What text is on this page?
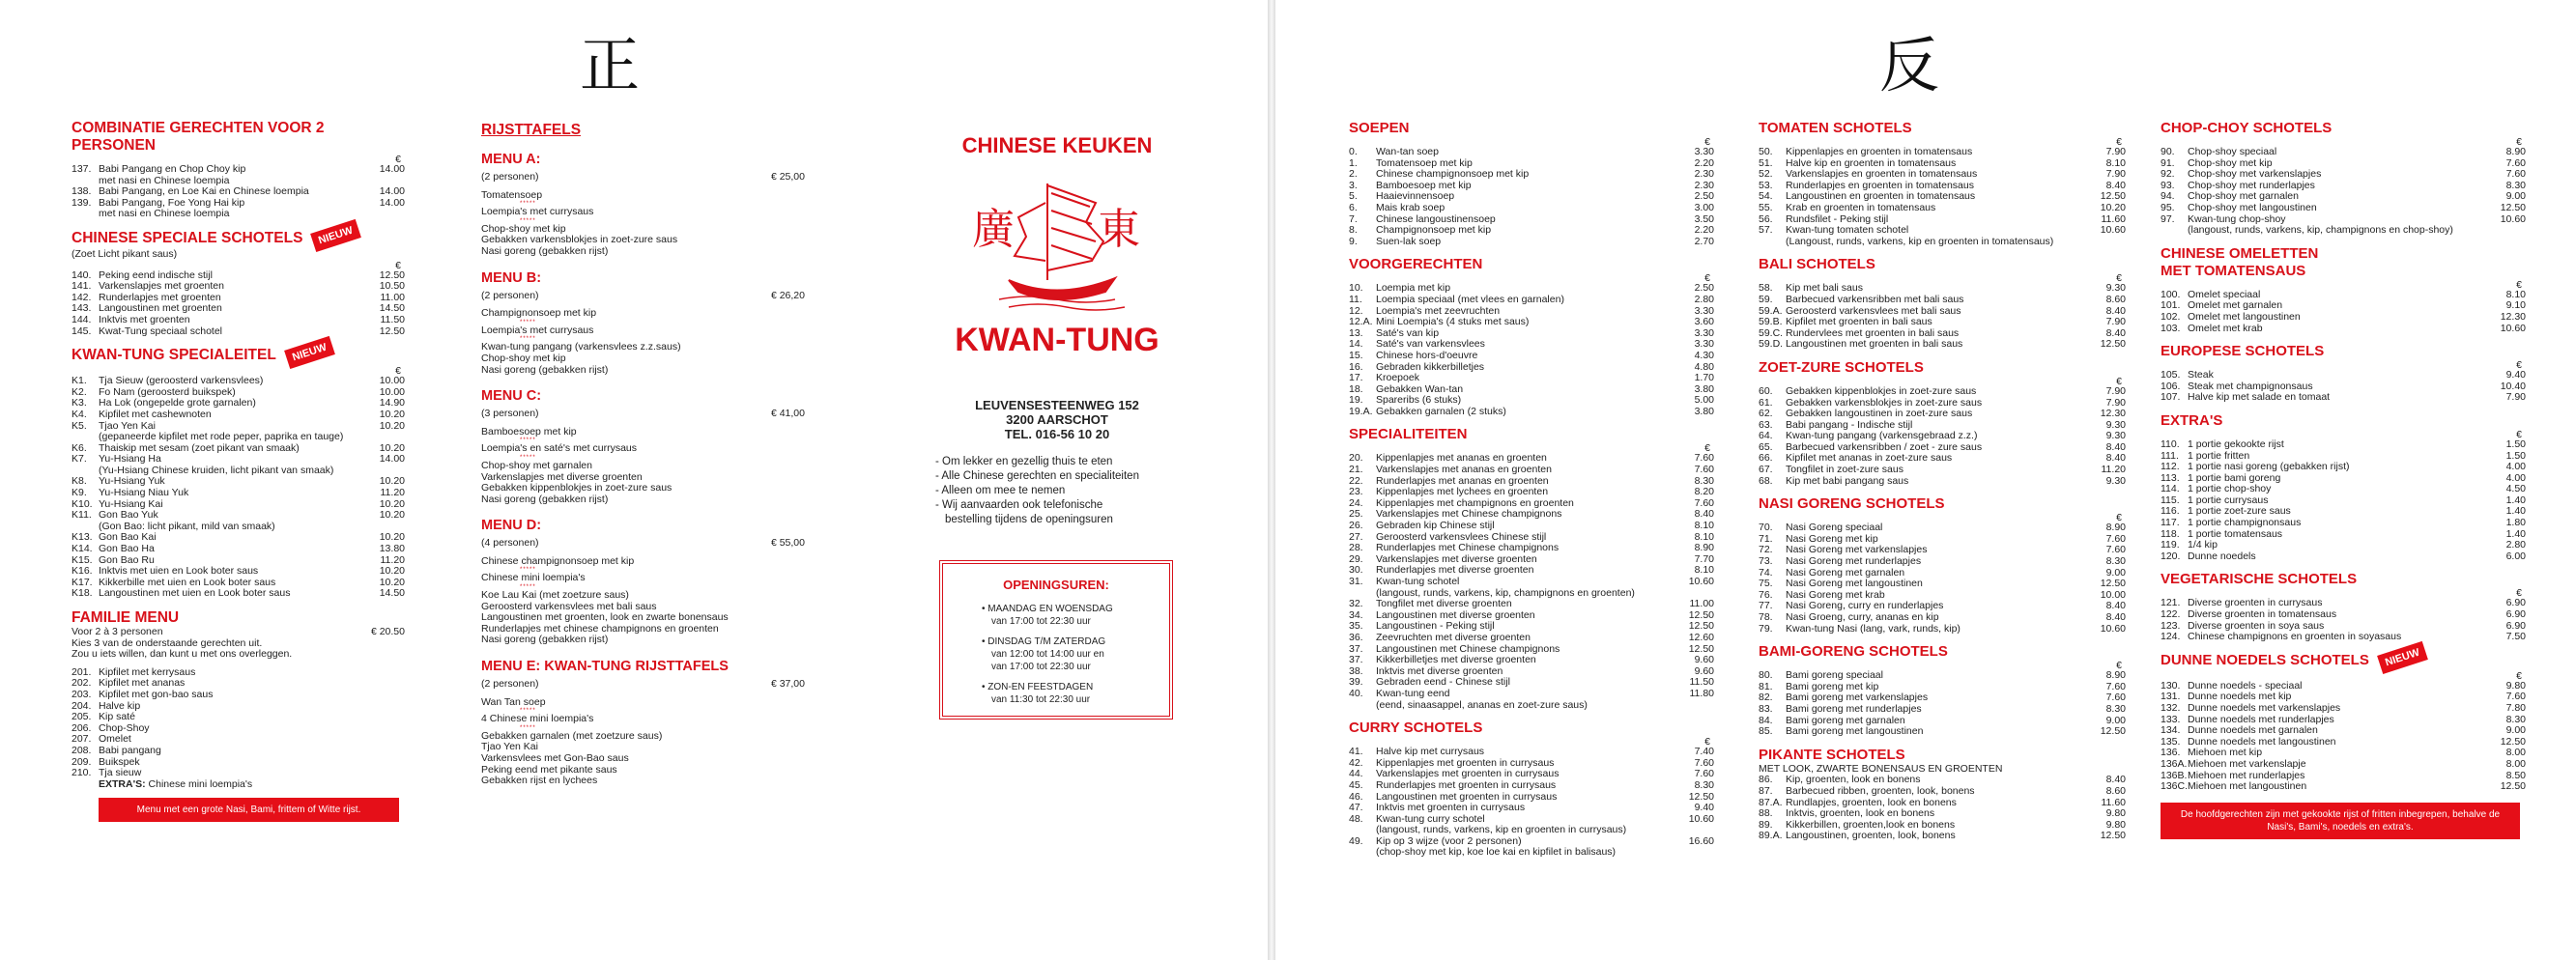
正
COMBINATIE GERECHTEN VOOR 2 PERSONEN
€
137. Babi Pangang en Chop Choy kip	14.00
met nasi en Chinese loempia
138. Babi Pangang, en Loe Kai en Chinese loempia	14.00
139. Babi Pangang, Foe Yong Hai kip	14.00
met nasi en Chinese loempia
CHINESE SPECIALE SCHOTELS NIEUW
(Zoet Licht pikant saus)
€
140. Peking eend indische stijl	12.50
141. Varkenslapjes met groenten	10.50
142. Runderlapjes met groenten	11.00
143. Langoustinen met groenten	14.50
144. Inktvis met groenten	11.50
145. Kwat-Tung speciaal schotel	12.50
KWAN-TUNG SPECIALEITEL NIEUW
€
K1.	Tja Sieuw (geroosterd varkensvlees)	10.00
K2.	Fo Nam (geroosterd buikspek)	10.00
K3.	Ha Lok (ongepelde grote garnalen)	14.90
K4.	Kipfilet met cashewnoten	10.20
K5.	Tjao Yen Kai	10.20
(gepaneerde kipfilet met rode peper, paprika en tauge)
K6.	Thaiskip met sesam (zoet pikant van smaak)	10.20
K7.	Yu-Hsiang Ha	14.00
(Yu-Hsiang Chinese kruiden, licht pikant van smaak)
K8.	Yu-Hsiang Yuk	10.20
K9.	Yu-Hsiang Niau Yuk	11.20
K10. Yu-Hsiang Kai	10.20
K11. Gon Bao Yuk	10.20
(Gon Bao: licht pikant, mild van smaak)
K13. Gon Bao Kai	10.20
K14. Gon Bao Ha	13.80
K15. Gon Bao Ru	11.20
K16. Inktvis met uien en Look boter saus	10.20
K17. Kikkerbille met uien en Look boter saus	10.20
K18. Langoustinen met uien en Look boter saus	14.50
FAMILIE MENU
Voor 2 à 3 personen	€ 20.50
Kies 3 van de onderstaande gerechten uit.
Zou u iets willen, dan kunt u met ons overleggen.
201. Kipfilet met kerrysaus
202. Kipfilet met ananas
203. Kipfilet met gon-bao saus
204. Halve kip
205. Kip saté
206. Chop-Shoy
207. Omelet
208. Babi pangang
209. Buikspek
210. Tja sieuw
EXTRA'S: Chinese mini loempia's
Menu met een grote Nasi, Bami, frittem of Witte rijst.
RIJSTTAFELS
MENU A:
(2 personen)	€ 25,00
Tomatensoep
*****
Loempia's met currysaus
*****
Chop-shoy met kip
Gebakken varkensblokjes in zoet-zure saus
Nasi goreng (gebakken rijst)
MENU B:
(2 personen)	€ 26,20
Champignonsoep met kip
*****
Loempia's met currysaus
*****
Kwan-tung pangang (varkensvlees z.z.saus)
Chop-shoy met kip
Nasi goreng (gebakken rijst)
MENU C:
(3 personen)	€ 41,00
Bamboesoep met kip
*****
Loempia's en saté's met currysaus
*****
Chop-shoy met garnalen
Varkenslapjes met diverse groenten
Gebakken kippenblokjes in zoet-zure saus
Nasi goreng (gebakken rijst)
MENU D:
(4 personen)	€ 55,00
Chinese champignonsoep met kip
*****
Chinese mini loempia's
*****
Koe Lau Kai (met zoetzure saus)
Geroosterd varkensvlees met bali saus
Langoustinen met groenten, look en zwarte bonensaus
Runderlapjes met chinese champignons en groenten
Nasi goreng (gebakken rijst)
MENU E: KWAN-TUNG RIJSTTAFELS
(2 personen)	€ 37,00
Wan Tan soep
*****
4 Chinese mini loempia's
*****
Gebakken garnalen (met zoetzure saus)
Tjao Yen Kai
Varkensvlees met Gon-Bao saus
Peking eend met pikante saus
Gebakken rijst en lychees
CHINESE KEUKEN
廣 東
KWAN-TUNG
LEUVENSESTEENWEG 152
3200 AARSCHOT
TEL. 016-56 10 20
- Om lekker en gezellig thuis te eten
- Alle Chinese gerechten en specialiteiten
- Alleen om mee te nemen
- Wij aanvaarden ook telefonische
bestelling tijdens de openingsuren
OPENINGSUREN:
• MAANDAG EN WOENSDAG
van 17:00 tot 22:30 uur
• DINSDAG T/M ZATERDAG
van 12:00 tot 14:00 uur en
van 17:00 tot 22:30 uur
• ZON-EN FEESTDAGEN
van 11:30 tot 22:30 uur
反
SOEPEN
€
0.	Wan-tan soep	3.30
1.	Tomatensoep met kip	2.20
2.	Chinese champignonsoep met kip	2.30
3.	Bamboesoep met kip	2.30
5.	Haaievinnensoep	2.50
6.	Mais krab soep	3.00
7.	Chinese langoustinensoep	3.50
8.	Champignonsoep met kip	2.20
9.	Suen-lak soep	2.70
VOORGERECHTEN
€
10.	Loempia met kip	2.50
11.	Loempia speciaal (met vlees en garnalen)	2.80
12.	Loempia's met zeevruchten	3.30
12.A. Mini Loempia's (4 stuks met saus)	3.60
13.	Saté's van kip	3.30
14.	Saté's van varkensvlees	3.30
15.	Chinese hors-d'oeuvre	4.30
16.	Gebraden kikkerbilletjes	4.80
17.	Kroepoek	1.70
18.	Gebakken Wan-tan	3.80
19.	Spareribs (6 stuks)	5.00
19.A. Gebakken garnalen (2 stuks)	3.80
SPECIALITEITEN
€
20.	Kippenlapjes met ananas en groenten	7.60
21.	Varkenslapjes met ananas en groenten	7.60
22.	Runderlapjes met ananas en groenten	8.30
23.	Kippenlapjes met lychees en groenten	8.20
24.	Kippenlapjes met champignons en groenten	7.60
25.	Varkenslapjes met Chinese champignons	8.40
26.	Gebraden kip Chinese stijl	8.10
27.	Geroosterd varkensvlees Chinese stijl	8.10
28.	Runderlapjes met Chinese champignons	8.90
29.	Varkenslapjes met diverse groenten	7.70
30.	Runderlapjes met diverse groenten	8.10
31.	Kwan-tung schotel	10.60
(langoust, runds, varkens, kip, champignons en groenten)
32.	Tongfilet met diverse groenten	11.00
34.	Langoustinen met diverse groenten	12.50
35.	Langoustinen - Peking stijl	12.50
36.	Zeevruchten met diverse groenten	12.60
37.	Langoustinen met Chinese champignons	12.50
37.	Kikkerbilletjes met diverse groenten	9.60
38.	Inktvis met diverse groenten	9.60
39.	Gebraden eend - Chinese stijl	11.50
40.	Kwan-tung eend	11.80
(eend, sinaasappel, ananas en zoet-zure saus)
CURRY SCHOTELS
€
41.	Halve kip met currysaus	7.40
42.	Kippenlapjes met groenten in currysaus	7.60
44.	Varkenslapjes met groenten in currysaus	7.60
45.	Runderlapjes met groenten in currysaus	8.30
46.	Langoustinen met groenten in currysaus	12.50
47.	Inktvis met groenten in currysaus	9.40
48.	Kwan-tung curry schotel	10.60
(langoust, runds, varkens, kip en groenten in currysaus)
49.	Kip op 3 wijze (voor 2 personen)	16.60
(chop-shoy met kip, koe loe kai en kipfilet in balisaus)
TOMATEN SCHOTELS
€
50.	Kippenlapjes en groenten in tomatensaus	7.90
51.	Halve kip en groenten in tomatensaus	8.10
52.	Varkenslapjes en groenten in tomatensaus	7.90
53.	Runderlapjes en groenten in tomatensaus	8.40
54.	Langoustinen en groenten in tomatensaus	12.50
55.	Krab en groenten in tomatensaus	10.20
56.	Rundsfilet - Peking stijl	11.60
57.	Kwan-tung tomaten schotel	10.60
(Langoust, runds, varkens, kip en groenten in tomatensaus)
BALI SCHOTELS
€
58.	Kip met bali saus	9.30
59.	Barbecued varkensribben met bali saus	8.60
59.A. Geroosterd varkensvlees met bali saus	8.40
59.B. Kipfilet met groenten in bali saus	7.90
59.C. Rundervlees met groenten in bali saus	8.40
59.D. Langoustinen met groenten in bali saus	12.50
ZOET-ZURE SCHOTELS
€
60.	Gebakken kippenblokjes in zoet-zure saus	7.90
61.	Gebakken varkensblokjes in zoet-zure saus	7.90
62.	Gebakken langoustinen in zoet-zure saus	12.30
63.	Babi pangang - Indische stijl	9.30
64.	Kwan-tung pangang (varkensgebraad z.z.)	9.30
65.	Barbecued varkensribben / zoet - zure saus	8.40
66.	Kipfilet met ananas in zoet-zure saus	8.40
67.	Tongfilet in zoet-zure saus	11.20
68.	Kip met babi pangang saus	9.30
NASI GORENG SCHOTELS
€
70.	Nasi Goreng speciaal	8.90
71.	Nasi Goreng met kip	7.60
72.	Nasi Goreng met varkenslapjes	7.60
73.	Nasi Goreng met runderlapjes	8.30
74.	Nasi Goreng met garnalen	9.00
75.	Nasi Goreng met langoustinen	12.50
76.	Nasi Goreng met krab	10.00
77.	Nasi Goreng, curry en runderlapjes	8.40
78.	Nasi Groeng, curry, ananas en kip	8.40
79.	Kwan-tung Nasi (lang, vark, runds, kip)	10.60
BAMI-GORENG SCHOTELS
€
80.	Bami goreng speciaal	8.90
81.	Bami goreng met kip	7.60
82.	Bami goreng met varkenslapjes	7.60
83.	Bami goreng met runderlapjes	8.30
84.	Bami goreng met garnalen	9.00
85.	Bami goreng met langoustinen	12.50
PIKANTE SCHOTELS
MET LOOK, ZWARTE BONENSAUS EN GROENTEN
86.	Kip, groenten, look en bonens	8.40
87.	Barbecued ribben, groenten, look, bonens	8.60
87.A. Rundlapjes, groenten, look en bonens	11.60
88.	Inktvis, groenten, look en bonens	9.80
89.	Kikkerbillen, groenten,look en bonens	9.80
89.A. Langoustinen, groenten, look, bonens	12.50
CHOP-CHOY SCHOTELS
€
90.	Chop-shoy speciaal	8.90
91.	Chop-shoy met kip	7.60
92.	Chop-shoy met varkenslapjes	7.60
93.	Chop-shoy met runderlapjes	8.30
94.	Chop-shoy met garnalen	9.00
95.	Chop-shoy met langoustinen	12.50
97.	Kwan-tung chop-shoy	10.60
(langoust, runds, varkens, kip, champignons en chop-shoy)
CHINESE OMELETTEN
MET TOMATENSAUS
€
100. Omelet speciaal	8.10
101. Omelet met garnalen	9.10
102. Omelet met langoustinen	12.30
103. Omelet met krab	10.60
EUROPESE SCHOTELS
€
105. Steak	9.40
106. Steak met champignonsaus	10.40
107. Halve kip met salade en tomaat	7.90
EXTRA'S
€
110. 1 portie gekookte rijst	1.50
111. 1 portie fritten	1.50
112. 1 portie nasi goreng (gebakken rijst)	4.00
113. 1 portie bami goreng	4.00
114. 1 portie chop-shoy	4.50
115. 1 portie currysaus	1.40
116. 1 portie zoet-zure saus	1.40
117. 1 portie champignonsaus	1.80
118. 1 portie tomatensaus	1.40
119. 1/4 kip	2.80
120. Dunne noedels	6.00
VEGETARISCHE SCHOTELS
€
121. Diverse groenten in currysaus	6.90
122. Diverse groenten in tomatensaus	6.90
123. Diverse groenten in soya saus	6.90
124. Chinese champignons en groenten in soyasaus	7.50
DUNNE NOEDELS SCHOTELS NIEUW
€
130. Dunne noedels - speciaal	9.80
131. Dunne noedels met kip	7.60
132. Dunne noedels met varkenslapjes	7.80
133. Dunne noedels met runderlapjes	8.30
134. Dunne noedels met garnalen	9.00
135. Dunne noedels met langoustinen	12.50
136. Miehoen met kip	8.00
136A. Miehoen met varkenslapje	8.00
136B. Miehoen met runderlapjes	8.50
136C. Miehoen met langoustinen	12.50
De hoofdgerechten zijn met gekookte rijst of fritten inbegrepen, behalve de Nasi's, Bami's, noedels en extra's.
